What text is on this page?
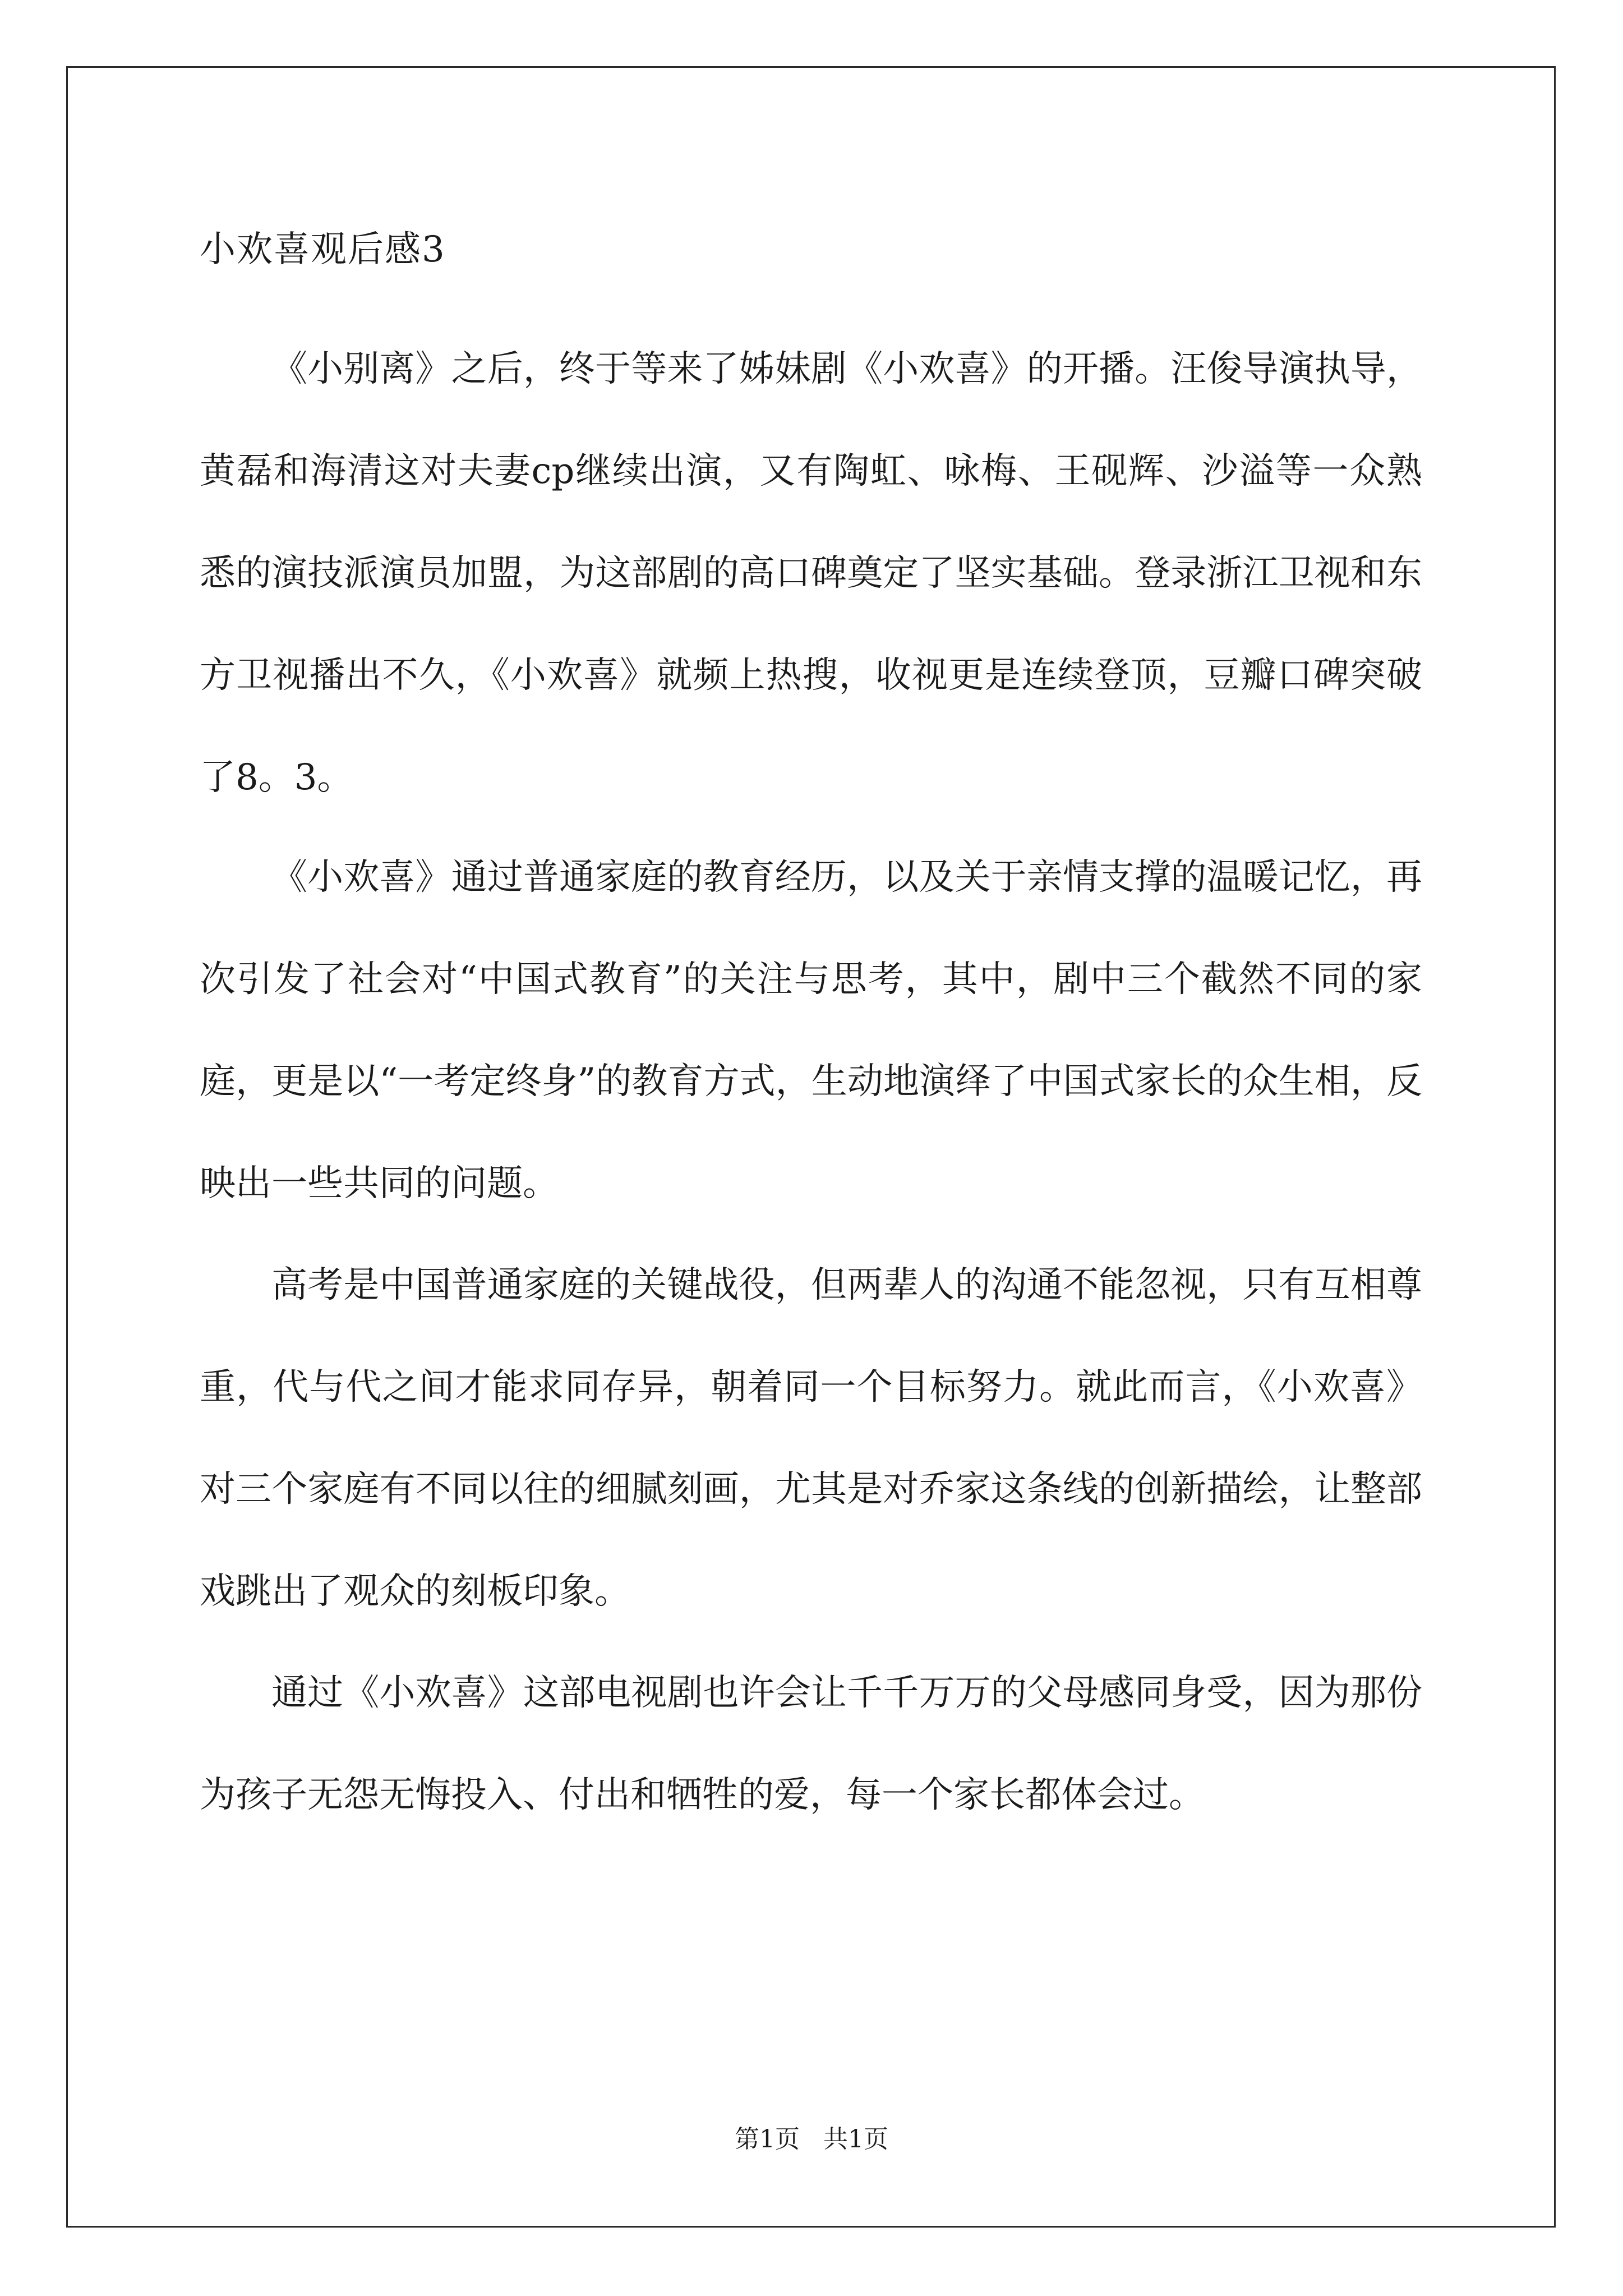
小欢喜观后感3

《小别离》之后，终于等来了姊妹剧《小欢喜》的开播。汪俊导演执导，黄磊和海清这对夫妻cp继续出演，又有陶虹、咏梅、王砚辉、沙溢等一众熟悉的演技派演员加盟，为这部剧的高口碑奠定了坚实基础。登录浙江卫视和东方卫视播出不久，《小欢喜》就频上热搜，收视更是连续登顶，豆瓣口碑突破了8。3。

《小欢喜》通过普通家庭的教育经历，以及关于亲情支撑的温暖记忆，再次引发了社会对“中国式教育”的关注与思考，其中，剧中三个截然不同的家庭，更是以“一考定终身”的教育方式，生动地演绎了中国式家长的众生相，反映出一些共同的问题。

高考是中国普通家庭的关键战役，但两辈人的沟通不能忽视，只有互相尊重，代与代之间才能求同存异，朝着同一个目标努力。就此而言，《小欢喜》对三个家庭有不同以往的细腻刻画，尤其是对乔家这条线的创新描绘，让整部戏跳出了观众的刻板印象。

通过《小欢喜》这部电视剧也许会让千千万万的父母感同身受，因为那份为孩子无怨无悔投入、付出和牺牲的爱，每一个家长都体会过。

第1页   共1页
